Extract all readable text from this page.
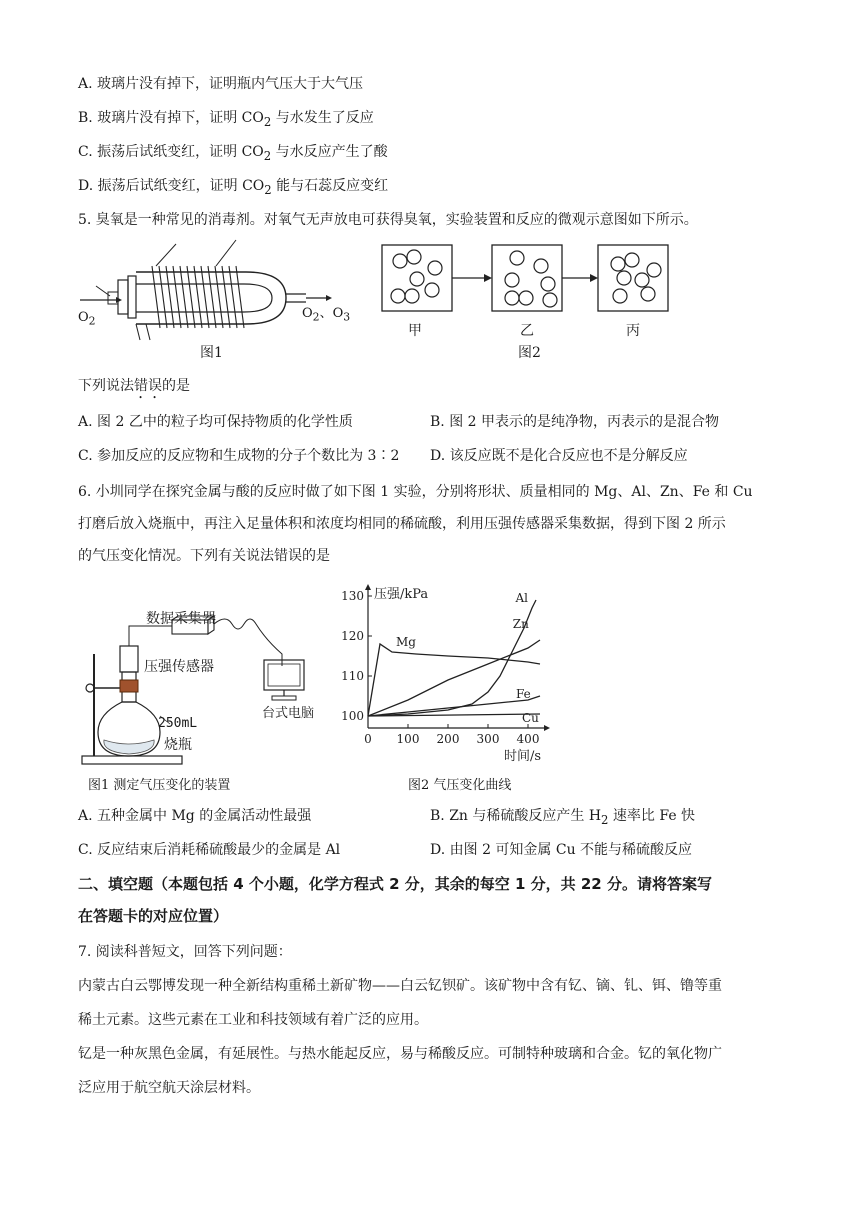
A. 玻璃片没有掉下，证明瓶内气压大于大气压
B. 玻璃片没有掉下，证明 $CO_2$ 与水发生了反应
C. 振荡后试纸变红，证明 $CO_2$ 与水反应产生了酸
D. 振荡后试纸变红，证明 $CO_2$ 能与石蕊反应变红
5. 臭氧是一种常见的消毒剂。对氧气无声放电可获得臭氧，实验装置和反应的微观示意图如下所示。
$O_2$
$O_2$、$O_3$
图1
甲	乙	丙
图2
下列说法错误的是
A. 图 2 乙中的粒子均可保持物质的化学性质	B. 图 2 甲表示的是纯净物，丙表示的是混合物
C. 参加反应的反应物和生成物的分子个数比为 3∶2 D. 该反应既不是化合反应也不是分解反应
6. 小圳同学在探究金属与酸的反应时做了如下图 1 实验，分别将形状、质量相同的 Mg、Al、Zn、Fe 和 Cu
打磨后放入烧瓶中，再注入足量体积和浓度均相同的稀硫酸，利用压强传感器采集数据，得到下图 2 所示
的气压变化情况。下列有关说法错误的是
数据采集器
压强传感器
台式电脑
250mL
烧瓶
图1 测定气压变化的装置
100
110
120
130
0 100 200 300 400
压强/kPa
时间/s
Mg
Al
Zn
Fe
Cu
图2 气压变化曲线
A. 五种金属中 Mg 的金属活动性最强	B. Zn 与稀硫酸反应产生 $H_2$ 速率比 Fe 快
C. 反应结束后消耗稀硫酸最少的金属是 Al	D. 由图 2 可知金属 Cu 不能与稀硫酸反应
二、填空题（本题包括 4 个小题，化学方程式 2 分，其余的每空 1 分，共 22 分。请将答案写
在答题卡的对应位置）
7. 阅读科普短文，回答下列问题：
内蒙古白云鄂博发现一种全新结构重稀土新矿物——白云钇钡矿。该矿物中含有钇、镝、钆、铒、镥等重
稀土元素。这些元素在工业和科技领域有着广泛的应用。
钇是一种灰黑色金属，有延展性。与热水能起反应，易与稀酸反应。可制特种玻璃和合金。钇的氧化物广
泛应用于航空航天涂层材料。
